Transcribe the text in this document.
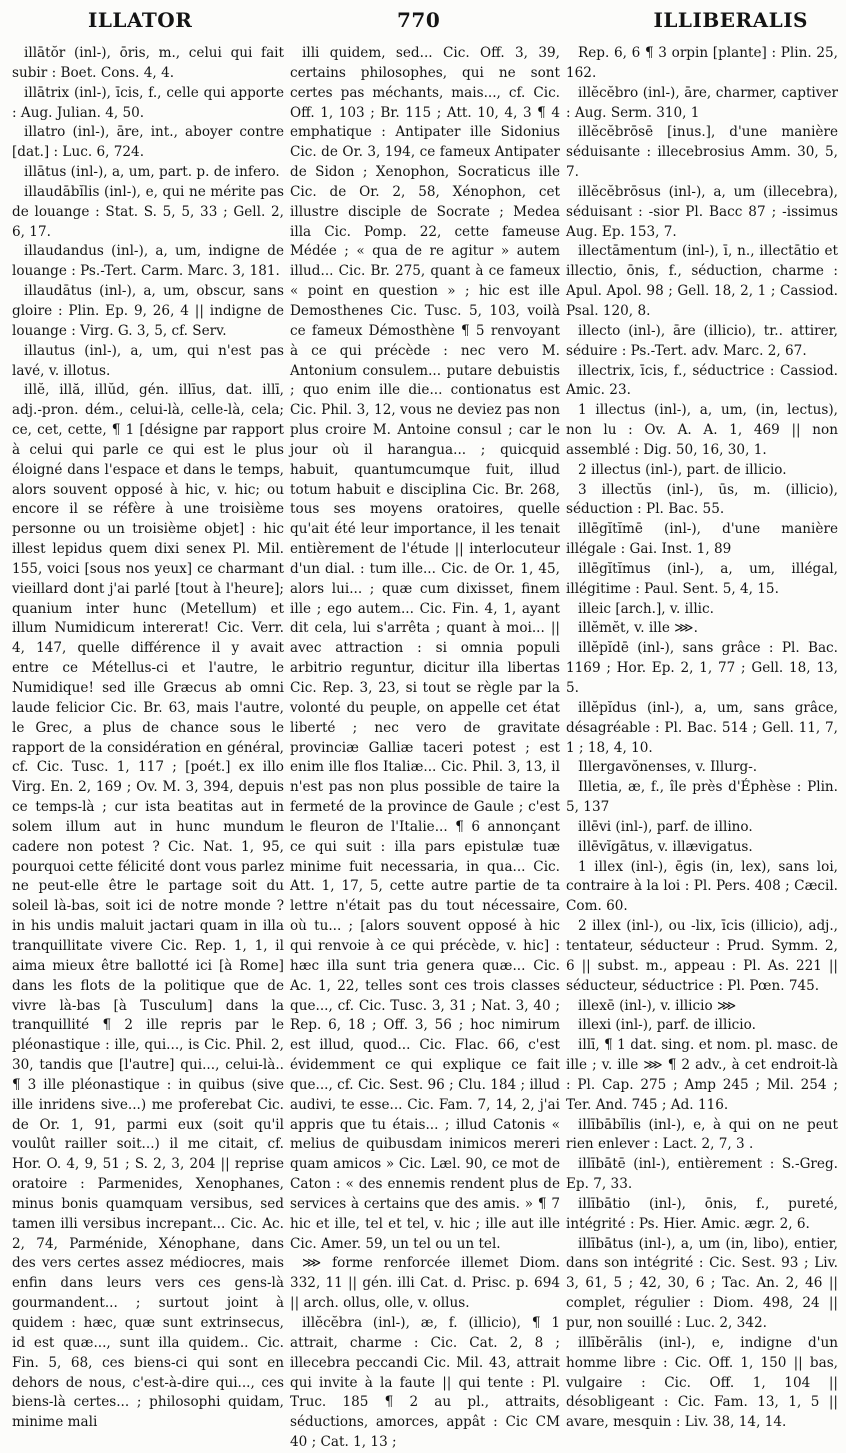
ILLATOR	770	ILLIBERALIS

illātŏr (inl-), ōris, m., celui qui fait subir : Boet. Cons. 4, 4.

illātrix (inl-), īcis, f., celle qui apporte : Aug. Julian. 4, 50.

illatro (inl-), āre, int., aboyer contre [dat.] : Luc. 6, 724.

illātus (inl-), a, um, part. p. de infero.

illaudābĭlis (inl-), e, qui ne mérite pas de louange : Stat. S. 5, 5, 33 ; Gell. 2, 6, 17.

illaudandus (inl-), a, um, indigne de louange : Ps.-Tert. Carm. Marc. 3, 181.

illaudātus (inl-), a, um, obscur, sans gloire : Plin. Ep. 9, 26, 4 || indigne de louange : Virg. G. 3, 5, cf. Serv.

illautus (inl-), a, um, qui n'est pas lavé, v. illotus.

illĕ, illă, illŭd, gén. illīus, dat. illī, adj.-pron. dém., celui-là, celle-là, cela; ce, cet, cette, ¶ 1 [désigne par rapport à celui qui parle ce qui est le plus éloigné dans l'espace et dans le temps, alors souvent opposé à hic, v. hic; ou encore il se réfère à une troisième personne ou un troisième objet] : hic illest lepidus quem dixi senex Pl. Mil. 155, voici [sous nos yeux] ce charmant vieillard dont j'ai parlé [tout à l'heure]; quanium inter hunc (Metellum) et illum Numidicum intererat! Cic. Verr. 4, 147, quelle différence il y avait entre ce Métellus-ci et l'autre, le Numidique! sed ille Græcus ab omni laude felicior Cic. Br. 63, mais l'autre, le Grec, a plus de chance sous le rapport de la considération en général, cf. Cic. Tusc. 1, 117 ; [poét.] ex illo Virg. En. 2, 169 ; Ov. M. 3, 394, depuis ce temps-là ; cur ista beatitas aut in solem illum aut in hunc mundum cadere non potest ? Cic. Nat. 1, 95, pourquoi cette félicité dont vous parlez ne peut-elle être le partage soit du soleil là-bas, soit ici de notre monde ? in his undis maluit jactari quam in illa tranquillitate vivere Cic. Rep. 1, 1, il aima mieux être ballotté ici [à Rome] dans les flots de la politique que de vivre là-bas [à Tusculum] dans la tranquillité ¶ 2 ille repris par le pléonastique : ille, qui..., is Cic. Phil. 2, 30, tandis que [l'autre] qui..., celui-là.. ¶ 3 ille pléonastique : in quibus (sive ille inridens sive...) me proferebat Cic. de Or. 1, 91, parmi eux (soit qu'il voulût railler soit...) il me citait, cf. Hor. O. 4, 9, 51 ; S. 2, 3, 204 || reprise oratoire : Parmenides, Xenophanes, minus bonis quamquam versibus, sed tamen illi versibus increpant... Cic. Ac. 2, 74, Parménide, Xénophane, dans des vers certes assez médiocres, mais enfin dans leurs vers ces gens-là gourmandent... ; surtout joint à quidem : hæc, quæ sunt extrinsecus, id est quæ..., sunt illa quidem.. Cic. Fin. 5, 68, ces biens-ci qui sont en dehors de nous, c'est-à-dire qui..., ces biens-là certes... ; philosophi quidam, minime mali

illi quidem, sed... Cic. Off. 3, 39, certains philosophes, qui ne sont certes pas méchants, mais..., cf. Cic. Off. 1, 103 ; Br. 115 ; Att. 10, 4, 3 ¶ 4 emphatique : Antipater ille Sidonius Cic. de Or. 3, 194, ce fameux Antipater de Sidon ; Xenophon, Socraticus ille Cic. de Or. 2, 58, Xénophon, cet illustre disciple de Socrate ; Medea illa Cic. Pomp. 22, cette fameuse Médée ; « qua de re agitur » autem illud... Cic. Br. 275, quant à ce fameux « point en question » ; hic est ille Demosthenes Cic. Tusc. 5, 103, voilà ce fameux Démosthène ¶ 5 renvoyant à ce qui précède : nec vero M. Antonium consulem... putare debuistis ; quo enim ille die... contionatus est Cic. Phil. 3, 12, vous ne deviez pas non plus croire M. Antoine consul ; car le jour où il harangua... ; quicquid habuit, quantumcumque fuit, illud totum habuit e disciplina Cic. Br. 268, tous ses moyens oratoires, quelle qu'ait été leur importance, il les tenait entièrement de l'étude || interlocuteur d'un dial. : tum ille... Cic. de Or. 1, 45, alors lui... ; quæ cum dixisset, finem ille ; ego autem... Cic. Fin. 4, 1, ayant dit cela, lui s'arrêta ; quant à moi... || avec attraction : si omnia populi arbitrio reguntur, dicitur illa libertas Cic. Rep. 3, 23, si tout se règle par la volonté du peuple, on appelle cet état liberté ; nec vero de gravitate provinciæ Galliæ taceri potest ; est enim ille flos Italiæ... Cic. Phil. 3, 13, il n'est pas non plus possible de taire la fermeté de la province de Gaule ; c'est le fleuron de l'Italie... ¶ 6 annonçant ce qui suit : illa pars epistulæ tuæ minime fuit necessaria, in qua... Cic. Att. 1, 17, 5, cette autre partie de ta lettre n'était pas du tout nécessaire, où tu... ; [alors souvent opposé à hic qui renvoie à ce qui précède, v. hic] : hæc illa sunt tria genera quæ... Cic. Ac. 1, 22, telles sont ces trois classes que..., cf. Cic. Tusc. 3, 31 ; Nat. 3, 40 ; Rep. 6, 18 ; Off. 3, 56 ; hoc nimirum est illud, quod... Cic. Flac. 66, c'est évidemment ce qui explique ce fait que..., cf. Cic. Sest. 96 ; Clu. 184 ; illud audivi, te esse... Cic. Fam. 7, 14, 2, j'ai appris que tu étais... ; illud Catonis « melius de quibusdam inimicos mereri quam amicos » Cic. Læl. 90, ce mot de Caton : « des ennemis rendent plus de services à certains que des amis. » ¶ 7 hic et ille, tel et tel, v. hic ; ille aut ille Cic. Amer. 59, un tel ou un tel.

⋙ forme renforcée illemet Diom. 332, 11 || gén. illi Cat. d. Prisc. p. 694 || arch. ollus, olle, v. ollus.

illĕcĕbra (inl-), æ, f. (illicio), ¶ 1 attrait, charme : Cic. Cat. 2, 8 ; illecebra peccandi Cic. Mil. 43, attrait qui invite à la faute || qui tente : Pl. Truc. 185 ¶ 2 au pl., attraits, séductions, amorces, appât : Cic CM 40 ; Cat. 1, 13 ;

Rep. 6, 6 ¶ 3 orpin [plante] : Plin. 25, 162.

illĕcĕbro (inl-), āre, charmer, captiver : Aug. Serm. 310, 1

illĕcĕbrōsē [inus.], d'une manière séduisante : illecebrosius Amm. 30, 5, 7.

illĕcĕbrōsus (inl-), a, um (illecebra), séduisant : -sior Pl. Bacc 87 ; -issimus Aug. Ep. 153, 7.

illectāmentum (inl-), ī, n., illectātio et illectio, ōnis, f., séduction, charme : Apul. Apol. 98 ; Gell. 18, 2, 1 ; Cassiod. Psal. 120, 8.

illecto (inl-), āre (illicio), tr.. attirer, séduire : Ps.-Tert. adv. Marc. 2, 67.

illectrix, īcis, f., séductrice : Cassiod. Amic. 23.

1 illectus (inl-), a, um, (in, lectus), non lu : Ov. A. A. 1, 469 || non assemblé : Dig. 50, 16, 30, 1.

2 illectus (inl-), part. de illicio.

3 illectŭs (inl-), ūs, m. (illicio), séduction : Pl. Bac. 55.

illēgĭtĭmē (inl-), d'une manière illégale : Gai. Inst. 1, 89

illēgĭtĭmus (inl-), a, um, illégal, illégitime : Paul. Sent. 5, 4, 15.

illeic [arch.], v. illic.

illĕmĕt, v. ille ⋙.

illĕpĭdē (inl-), sans grâce : Pl. Bac. 1169 ; Hor. Ep. 2, 1, 77 ; Gell. 18, 13, 5.

illĕpĭdus (inl-), a, um, sans grâce, désagréable : Pl. Bac. 514 ; Gell. 11, 7, 1 ; 18, 4, 10.

Illergavŏnenses, v. Illurg-.

Illetia, æ, f., île près d'Éphèse : Plin. 5, 137

illēvi (inl-), parf. de illino.

illēvĭgātus, v. illævigatus.

1 illex (inl-), ēgis (in, lex), sans loi, contraire à la loi : Pl. Pers. 408 ; Cæcil. Com. 60.

2 illex (inl-), ou -lix, īcis (illicio), adj., tentateur, séducteur : Prud. Symm. 2, 6 || subst. m., appeau : Pl. As. 221 || séducteur, séductrice : Pl. Pœn. 745.

illexē (inl-), v. illicio ⋙

illexi (inl-), parf. de illicio.

illī, ¶ 1 dat. sing. et nom. pl. masc. de ille ; v. ille ⋙ ¶ 2 adv., à cet endroit-là : Pl. Cap. 275 ; Amp 245 ; Mil. 254 ; Ter. And. 745 ; Ad. 116.

illībābĭlis (inl-), e, à qui on ne peut rien enlever : Lact. 2, 7, 3 .

illībātē (inl-), entièrement : S.-Greg. Ep. 7, 33.

illībātio (inl-), ōnis, f., pureté, intégrité : Ps. Hier. Amic. ægr. 2, 6.

illībātus (inl-), a, um (in, libo), entier, dans son intégrité : Cic. Sest. 93 ; Liv. 3, 61, 5 ; 42, 30, 6 ; Tac. An. 2, 46 || complet, régulier : Diom. 498, 24 || pur, non souillé : Luc. 2, 342.

illībĕrālis (inl-), e, indigne d'un homme libre : Cic. Off. 1, 150 || bas, vulgaire : Cic. Off. 1, 104 || désobligeant : Cic. Fam. 13, 1, 5 || avare, mesquin : Liv. 38, 14, 14.
